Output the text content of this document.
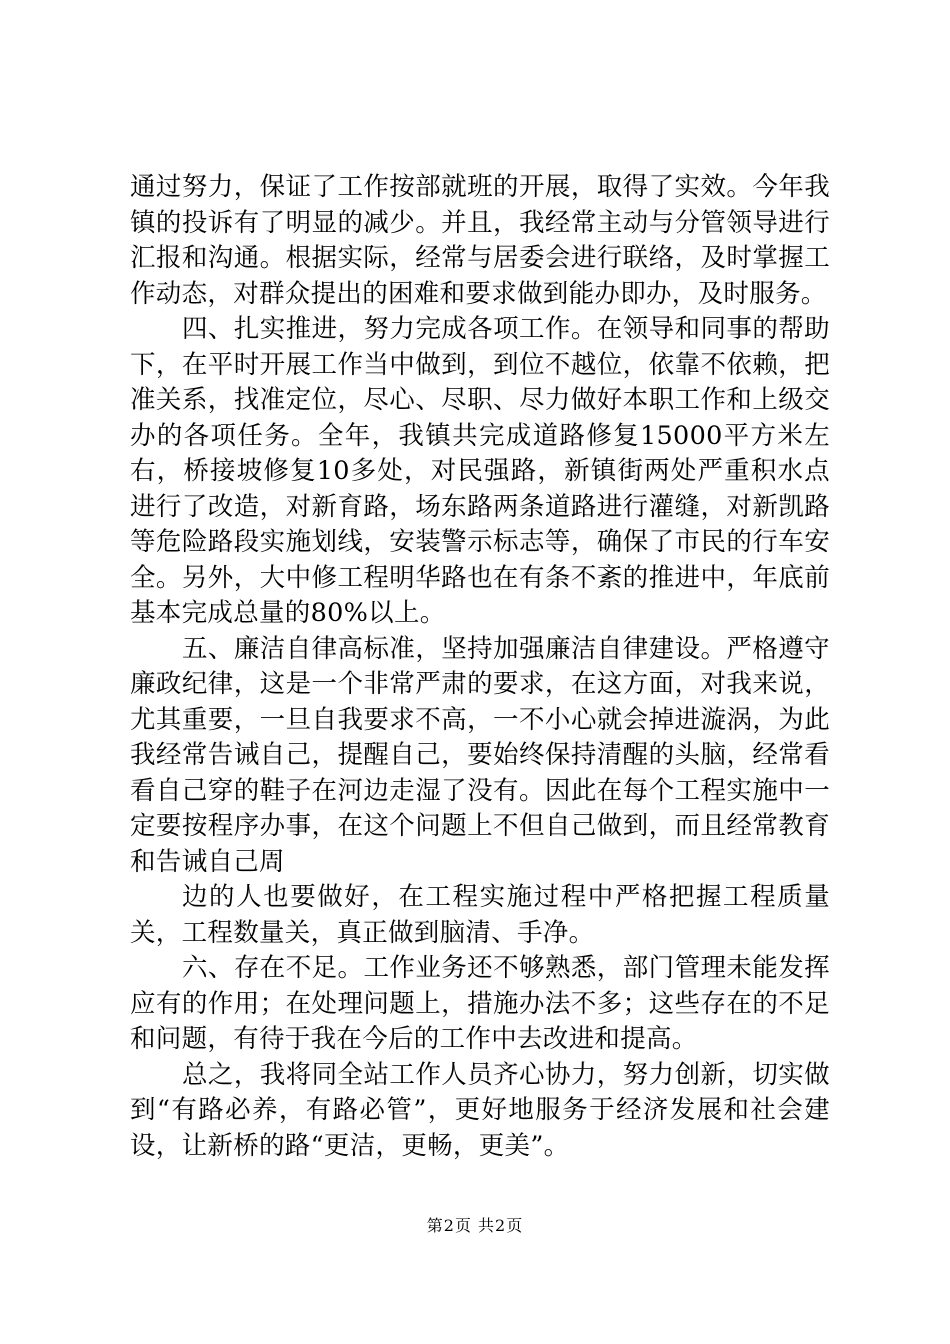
通过努力，保证了工作按部就班的开展，取得了实效。今年我镇的投诉有了明显的减少。并且，我经常主动与分管领导进行汇报和沟通。根据实际，经常与居委会进行联络，及时掌握工作动态，对群众提出的困难和要求做到能办即办，及时服务。

四、扎实推进，努力完成各项工作。在领导和同事的帮助下，在平时开展工作当中做到，到位不越位，依靠不依赖，把准关系，找准定位，尽心、尽职、尽力做好本职工作和上级交办的各项任务。全年，我镇共完成道路修复15000平方米左右，桥接坡修复10多处，对民强路，新镇街两处严重积水点进行了改造，对新育路，场东路两条道路进行灌缝，对新凯路等危险路段实施划线，安装警示标志等，确保了市民的行车安全。另外，大中修工程明华路也在有条不紊的推进中，年底前基本完成总量的80%以上。

五、廉洁自律高标准，坚持加强廉洁自律建设。严格遵守廉政纪律，这是一个非常严肃的要求，在这方面，对我来说，尤其重要，一旦自我要求不高，一不小心就会掉进漩涡，为此我经常告诫自己，提醒自己，要始终保持清醒的头脑，经常看看自己穿的鞋子在河边走湿了没有。因此在每个工程实施中一定要按程序办事，在这个问题上不但自己做到，而且经常教育和告诫自己周

边的人也要做好，在工程实施过程中严格把握工程质量关，工程数量关，真正做到脑清、手净。

六、存在不足。工作业务还不够熟悉，部门管理未能发挥应有的作用；在处理问题上，措施办法不多；这些存在的不足和问题，有待于我在今后的工作中去改进和提高。

总之，我将同全站工作人员齐心协力，努力创新，切实做到“有路必养，有路必管”，更好地服务于经济发展和社会建设，让新桥的路“更洁，更畅，更美”。

第2页 共2页
